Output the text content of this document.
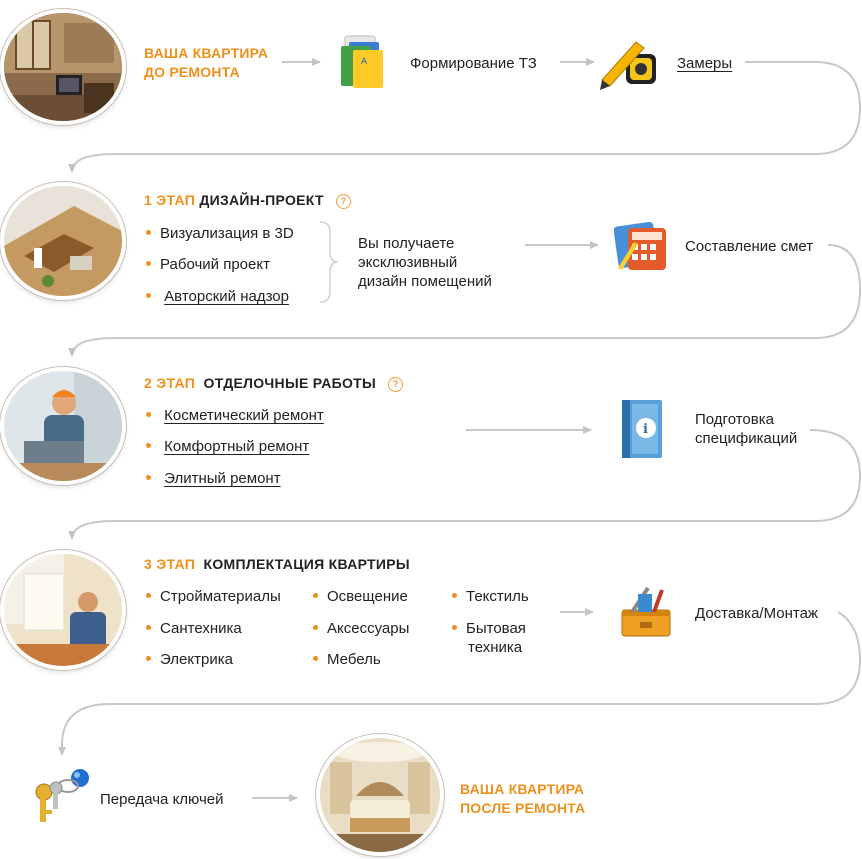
ВАША КВАРТИРА
ДО РЕМОНТА
A	Формирование ТЗ	Замеры
1 ЭТАП ДИЗАЙН-ПРОЕКТ ?
Визуализация в 3D
Рабочий проект
Авторский надзор
Вы получаете
эксклюзивный
дизайн помещений
Составление смет
2 ЭТАП ОТДЕЛОЧНЫЕ РАБОТЫ ?
Косметический ремонт
Комфортный ремонт
Элитный ремонт
i
Подготовка
спецификаций
3 ЭТАП КОМПЛЕКТАЦИЯ КВАРТИРЫ
Стройматериалы
Сантехника
Электрика
Освещение
Аксессуары
Мебель
Текстиль
Бытовая
техника
Доставка/Монтаж
Передача ключей
ВАША КВАРТИРА
ПОСЛЕ РЕМОНТА
